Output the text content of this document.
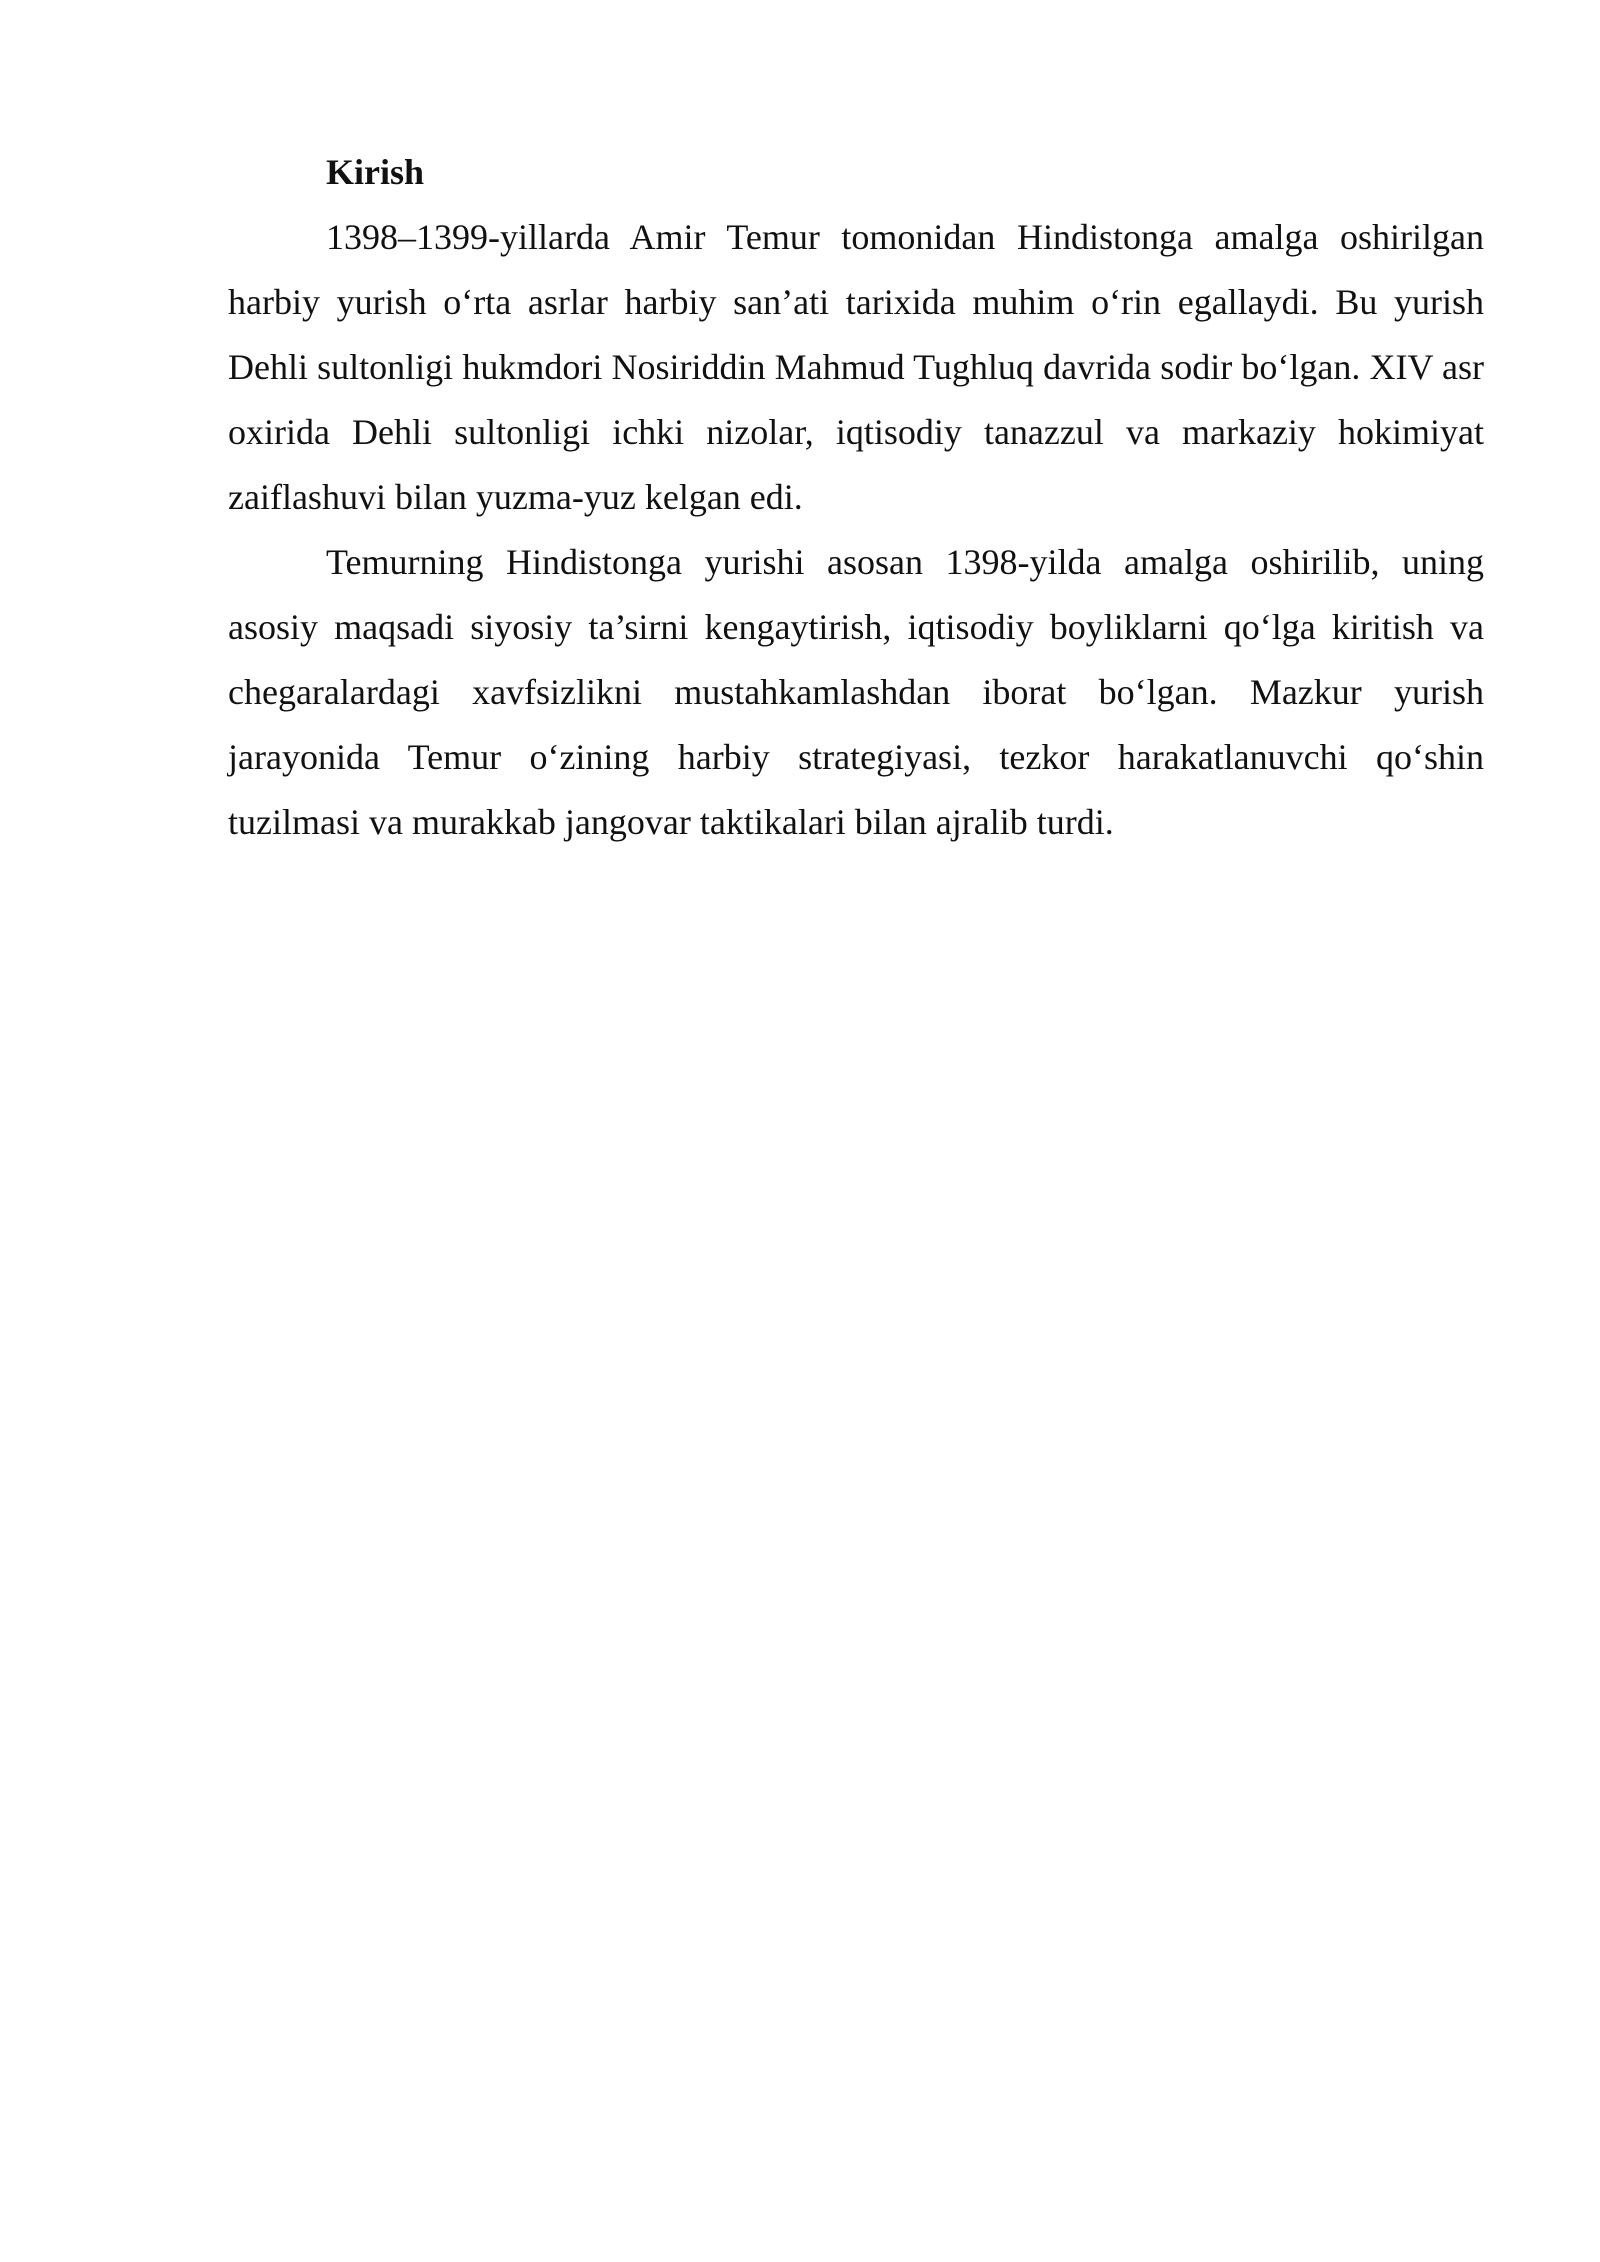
Kirish

1398–1399-yillarda Amir Temur tomonidan Hindistonga amalga oshirilgan harbiy yurish o‘rta asrlar harbiy san’ati tarixida muhim o‘rin egallaydi. Bu yurish Dehli sultonligi hukmdori Nosiriddin Mahmud Tughluq davrida sodir bo‘lgan. XIV asr oxirida Dehli sultonligi ichki nizolar, iqtisodiy tanazzul va markaziy hokimiyat zaiflashuvi bilan yuzma-yuz kelgan edi.

Temurning Hindistonga yurishi asosan 1398-yilda amalga oshirilib, uning asosiy maqsadi siyosiy ta’sirni kengaytirish, iqtisodiy boyliklarni qo‘lga kiritish va chegaralardagi xavfsizlikni mustahkamlashdan iborat bo‘lgan. Mazkur yurish jarayonida Temur o‘zining harbiy strategiyasi, tezkor harakatlanuvchi qo‘shin tuzilmasi va murakkab jangovar taktikalari bilan ajralib turdi.
